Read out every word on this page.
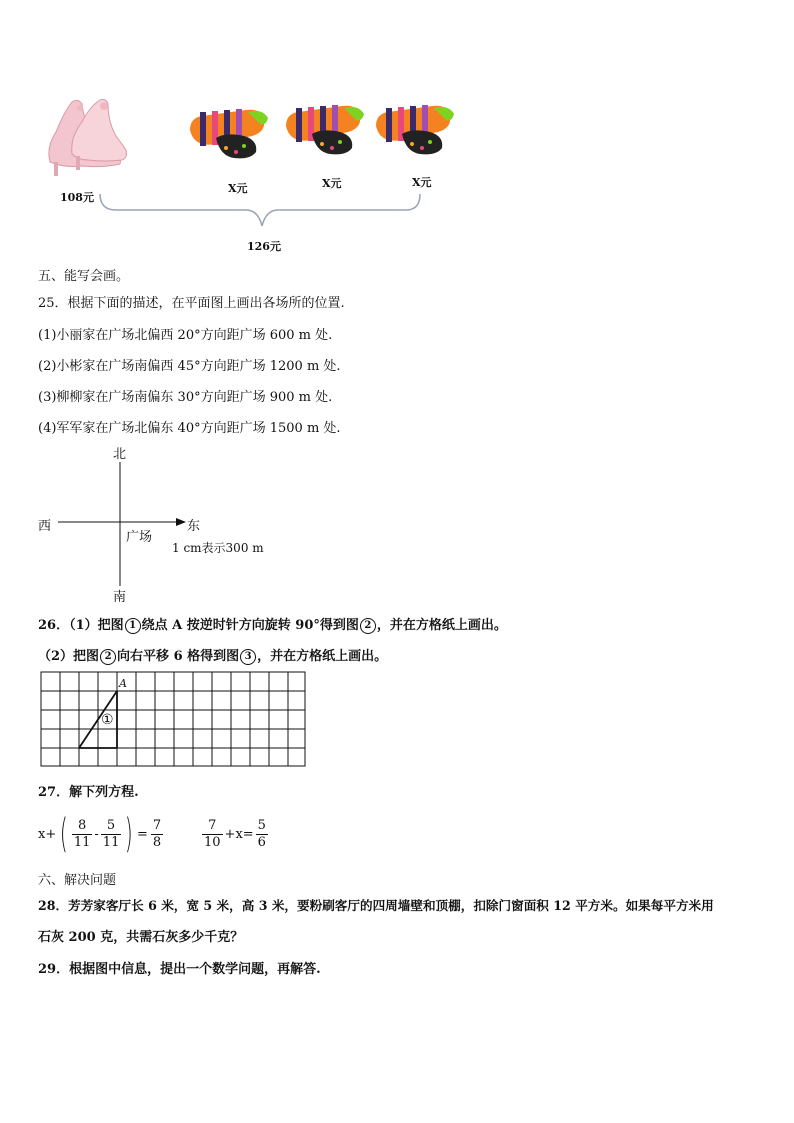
108元
X元	X元	X元
126元
五、能写会画。
25．根据下面的描述，在平面图上画出各场所的位置.
(1)小丽家在广场北偏西 20°方向距广场 600 m 处.
(2)小彬家在广场南偏西 45°方向距广场 1200 m 处.
(3)柳柳家在广场南偏东 30°方向距广场 900 m 处.
(4)军军家在广场北偏东 40°方向距广场 1500 m 处.
北
南
西	东
广场
1 cm表示300 m
26．（1）把图 1 绕点 A 按逆时针方向旋转 90°得到图 2 ，并在方格纸上画出。
（2）把图 2 向右平移 6 格得到图 3 ，并在方格纸上画出。
A
①
27．解下列方程.
x+ ( $\frac{8}{11} - \frac{5}{11}$ ) = $\frac{7}{8}$	$\frac{7}{10} +x= \frac{5}{6}$
六、解决问题
28．芳芳家客厅长 6 米，宽 5 米，高 3 米，要粉刷客厅的四周墙壁和顶棚，扣除门窗面积 12 平方米。如果每平方米用
石灰 200 克，共需石灰多少千克？
29．根据图中信息，提出一个数学问题，再解答.
